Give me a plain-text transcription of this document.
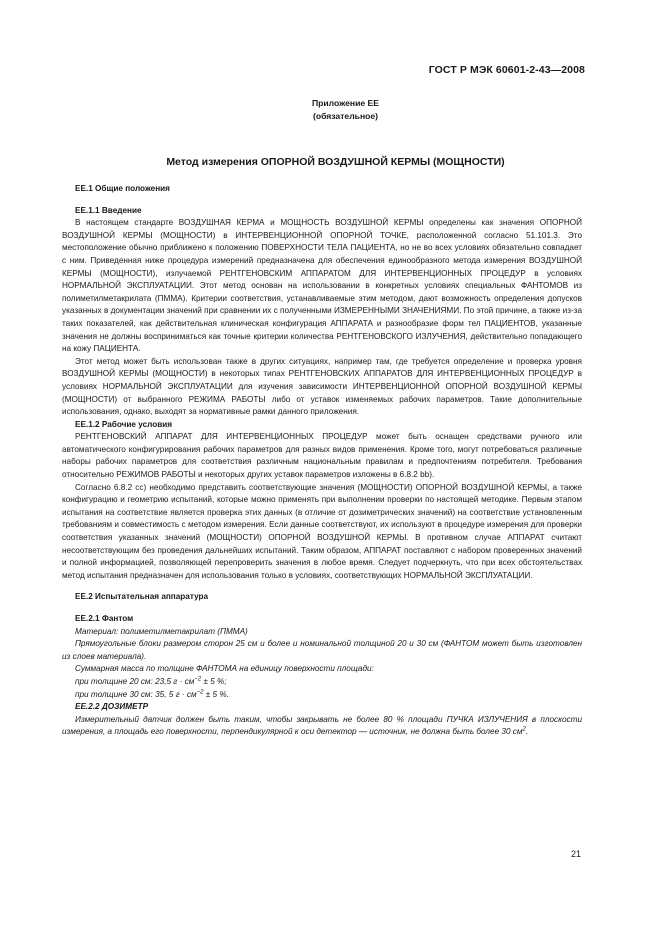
ГОСТ Р МЭК 60601-2-43—2008
Приложение ЕЕ
(обязательное)
Метод измерения ОПОРНОЙ ВОЗДУШНОЙ КЕРМЫ (МОЩНОСТИ)
ЕЕ.1 Общие положения
ЕЕ.1.1 Введение

В настоящем стандарте ВОЗДУШНАЯ КЕРМА и МОЩНОСТЬ ВОЗДУШНОЙ КЕРМЫ определены как значения ОПОРНОЙ ВОЗДУШНОЙ КЕРМЫ (МОЩНОСТИ) в ИНТЕРВЕНЦИОННОЙ ОПОРНОЙ ТОЧКЕ, расположенной согласно 51.101.3. Это местоположение обычно приближено к положению ПОВЕРХНОСТИ ТЕЛА ПАЦИЕНТА, но не во всех условиях обязательно совпадает с ним. Приведенная ниже процедура измерений предназначена для обеспечения единообразного метода измерения ВОЗДУШНОЙ КЕРМЫ (МОЩНОСТИ), излучаемой РЕНТГЕНОВСКИМ АППАРАТОМ ДЛЯ ИНТЕРВЕНЦИОННЫХ ПРОЦЕДУР в условиях НОРМАЛЬНОЙ ЭКСПЛУАТАЦИИ. Этот метод основан на использовании в конкретных условиях специальных ФАНТОМОВ из полиметилметакрилата (ПММА). Критерии соответствия, устанавливаемые этим методом, дают возможность определения допусков указанных в документации значений при сравнении их с полученными ИЗМЕРЕННЫМИ ЗНАЧЕНИЯМИ. По этой причине, а также из-за таких показателей, как действительная клиническая конфигурация АППАРАТА и разнообразие форм тел ПАЦИЕНТОВ, указанные значения не должны восприниматься как точные критерии количества РЕНТГЕНОВСКОГО ИЗЛУЧЕНИЯ, действительно попадающего на кожу ПАЦИЕНТА.

Этот метод может быть использован также в других ситуациях, например там, где требуется определение и проверка уровня ВОЗДУШНОЙ КЕРМЫ (МОЩНОСТИ) в некоторых типах РЕНТГЕНОВСКИХ АППАРАТОВ ДЛЯ ИНТЕРВЕНЦИОННЫХ ПРОЦЕДУР в условиях НОРМАЛЬНОЙ ЭКСПЛУАТАЦИИ для изучения зависимости ИНТЕРВЕНЦИОННОЙ ОПОРНОЙ ВОЗДУШНОЙ КЕРМЫ (МОЩНОСТИ) от выбранного РЕЖИМА РАБОТЫ либо от уставок изменяемых рабочих параметров. Такие дополнительные использования, однако, выходят за нормативные рамки данного приложения.

ЕЕ.1.2 Рабочие условия

РЕНТГЕНОВСКИЙ АППАРАТ ДЛЯ ИНТЕРВЕНЦИОННЫХ ПРОЦЕДУР может быть оснащен средствами ручного или автоматического конфигурирования рабочих параметров для разных видов применения. Кроме того, могут потребоваться различные наборы рабочих параметров для соответствия различным национальным правилам и предпочтениям потребителя. Требования относительно РЕЖИМОВ РАБОТЫ и некоторых других уставок параметров изложены в 6.8.2 bb).

Согласно 6.8.2 cc) необходимо представить соответствующие значения (МОЩНОСТИ) ОПОРНОЙ ВОЗДУШНОЙ КЕРМЫ, а также конфигурацию и геометрию испытаний, которые можно применять при выполнении проверки по настоящей методике. Первым этапом испытания на соответствие является проверка этих данных (в отличие от дозиметрических значений) на соответствие установленным требованиям и совместимость с методом измерения. Если данные соответствуют, их используют в процедуре измерения для проверки соответствия указанных значений (МОЩНОСТИ) ОПОРНОЙ ВОЗДУШНОЙ КЕРМЫ. В противном случае АППАРАТ считают несоответствующим без проведения дальнейших испытаний. Таким образом, АППАРАТ поставляют с набором проверенных значений и полной информацией, позволяющей перепроверить значения в любое время. Следует подчеркнуть, что при всех обстоятельствах метод испытания предназначен для использования только в условиях, соответствующих НОРМАЛЬНОЙ ЭКСПЛУАТАЦИИ.

ЕЕ.2 Испытательная аппаратура
ЕЕ.2.1 Фантом

Материал: полиметилметакрилат (ПММА)

Прямоугольные блоки размером сторон 25 см и более и номинальной толщиной 20 и 30 см (ФАНТОМ может быть изготовлен из слоев материала).

Суммарная масса по толщине ФАНТОМА на единицу поверхности площади:

при толщине 20 см: 23,5 $г \cdot см^{-2} \pm 5$ %;

при толщине 30 см: 35, 5 $г \cdot см^{-2} \pm 5$ %.

ЕЕ.2.2 ДОЗИМЕТР

Измерительный датчик должен быть таким, чтобы закрывать не более 80 % площади ПУЧКА ИЗЛУЧЕНИЯ в плоскости измерения, а площадь его поверхности, перпендикулярной к оси детектор — источник, не должна быть более 30 $см^2$.

21
